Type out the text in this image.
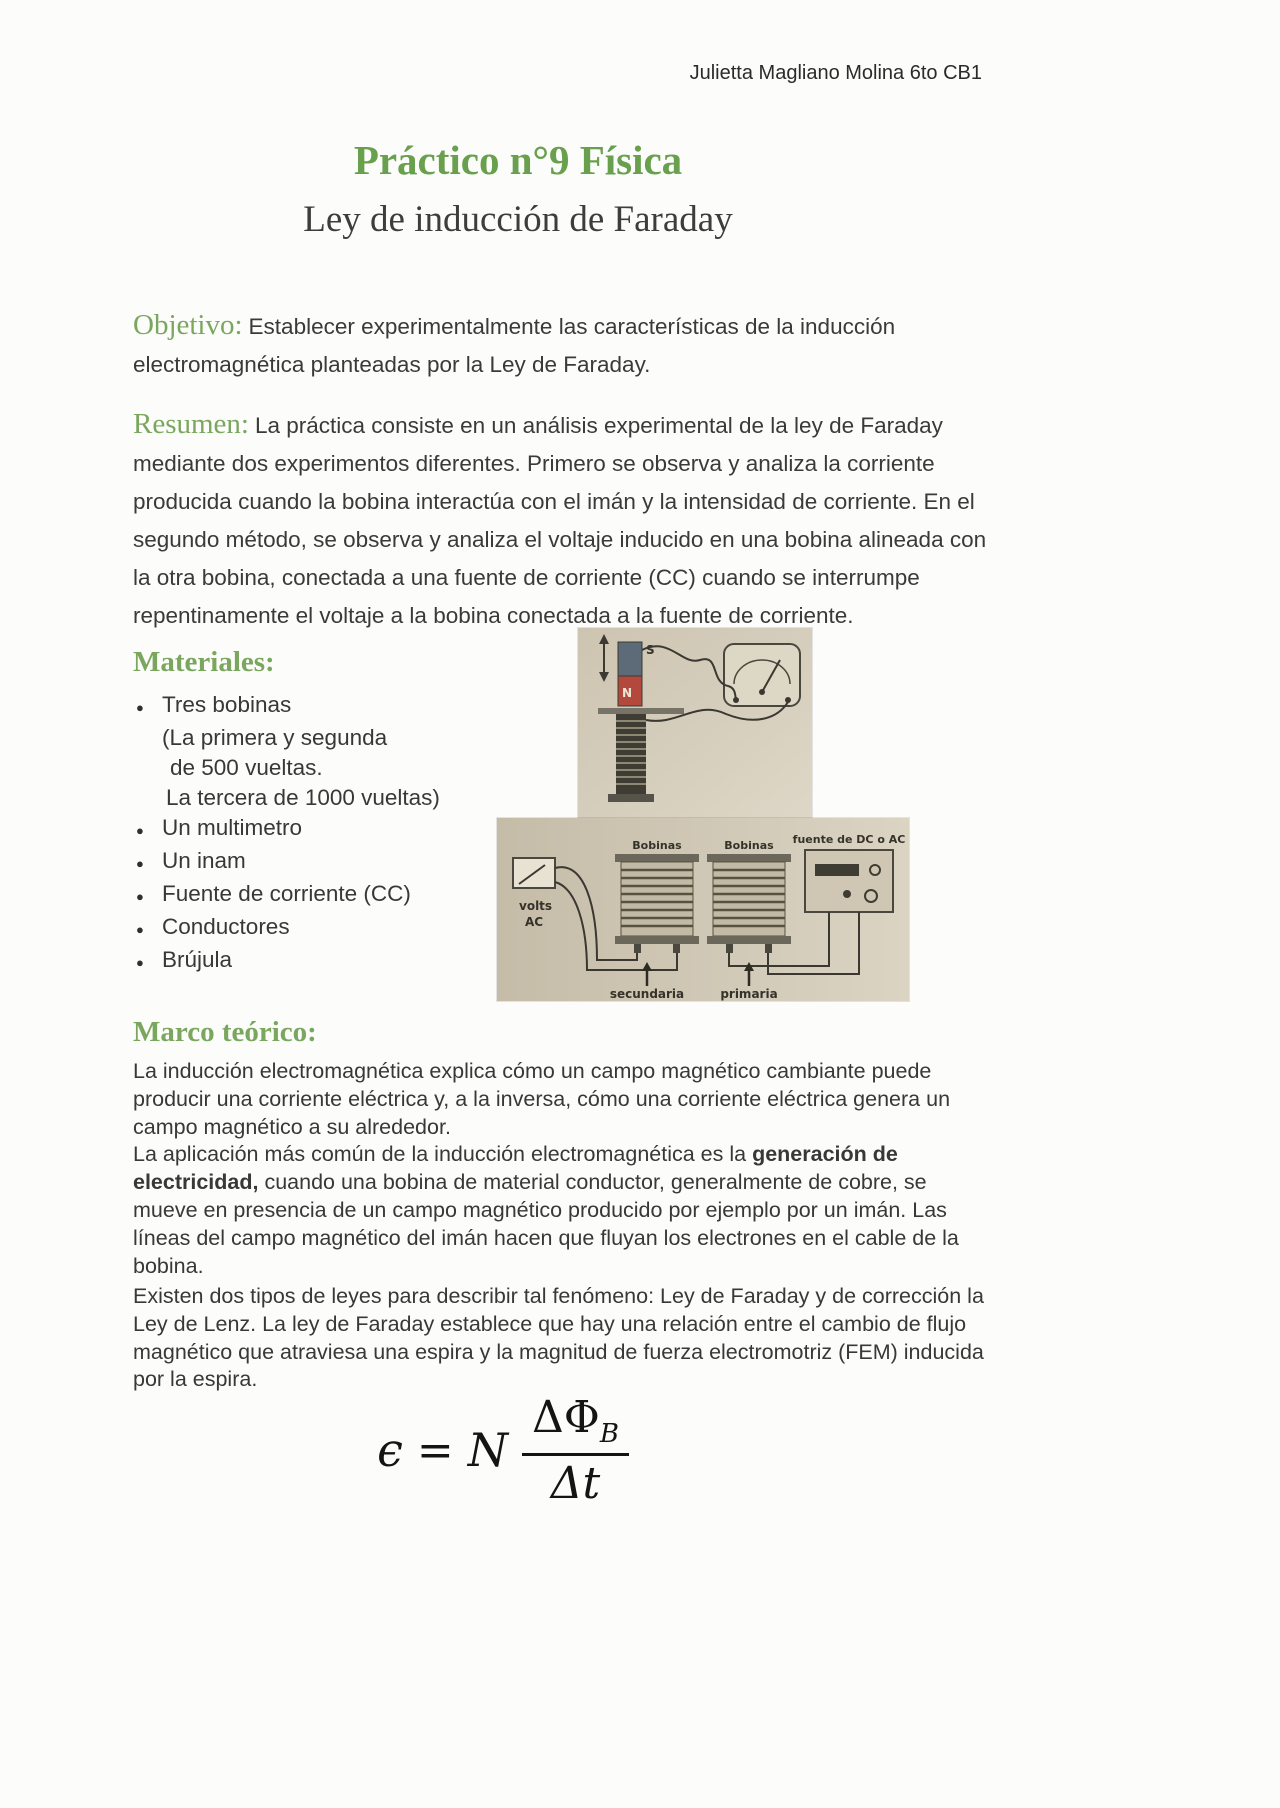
Julietta Magliano Molina 6to CB1
Práctico n°9 Física
Ley de inducción de Faraday

Objetivo: Establecer experimentalmente las características de la inducción electromagnética planteadas por la Ley de Faraday.

Resumen: La práctica consiste en un análisis experimental de la ley de Faraday mediante dos experimentos diferentes. Primero se observa y analiza la corriente producida cuando la bobina interactúa con el imán y la intensidad de corriente. En el segundo método, se observa y analiza el voltaje inducido en una bobina alineada con la otra bobina, conectada a una fuente de corriente (CC) cuando se interrumpe repentinamente el voltaje a la bobina conectada a la fuente de corriente.

Materiales:
● Tres bobinas
(La primera y segunda
de 500 vueltas.
La tercera de 1000 vueltas)
● Un multimetro
● Un inam
● Fuente de corriente (CC)
● Conductores
● Brújula
S
N
volts
AC
Bobinas	Bobinas fuente de DC o AC
secundaria	primaria
Marco teórico:

La inducción electromagnética explica cómo un campo magnético cambiante puede producir una corriente eléctrica y, a la inversa, cómo una corriente eléctrica genera un campo magnético a su alrededor.
La aplicación más común de la inducción electromagnética es la generación de electricidad, cuando una bobina de material conductor, generalmente de cobre, se mueve en presencia de un campo magnético producido por ejemplo por un imán. Las líneas del campo magnético del imán hacen que fluyan los electrones en el cable de la bobina.

Existen dos tipos de leyes para describir tal fenómeno: Ley de Faraday y de corrección la Ley de Lenz. La ley de Faraday establece que hay una relación entre el cambio de flujo magnético que atraviesa una espira y la magnitud de fuerza electromotriz (FEM) inducida por la espira.

ϵ = N $\frac{\Delta\Phi_B}{\Delta t}$
